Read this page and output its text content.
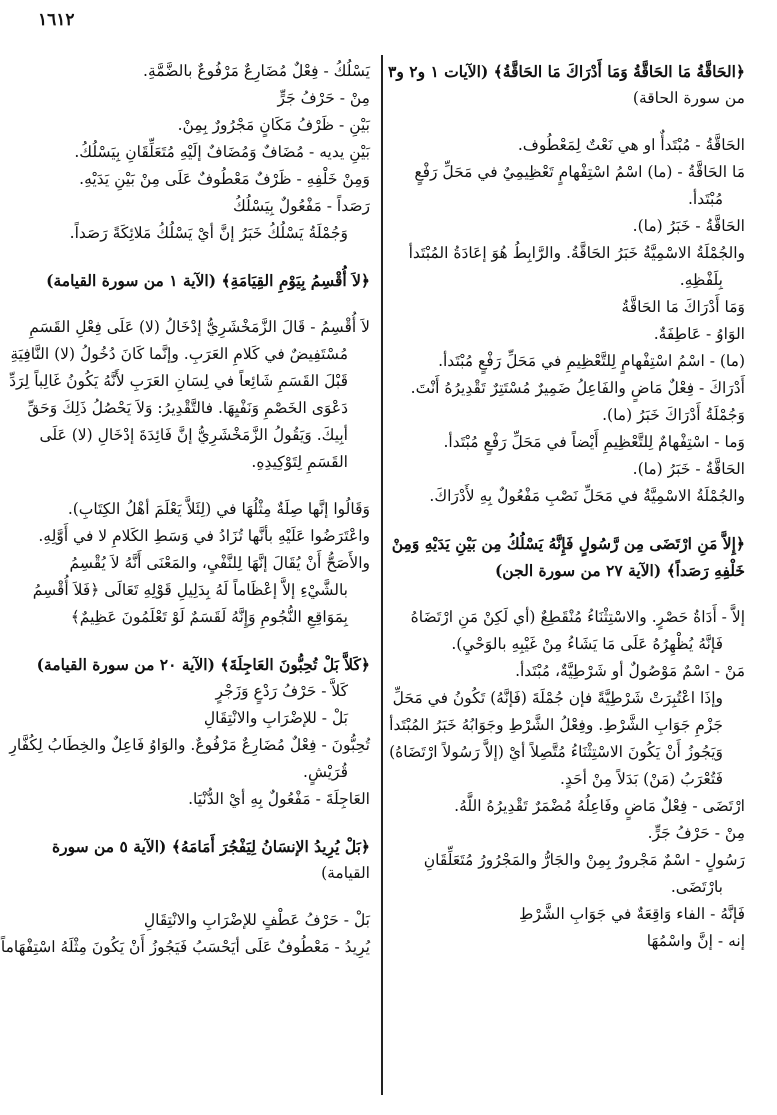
١٦١٢
﴿الحَاقَّةُ مَا الحَاقَّةُ وَمَا أَدْرَاكَ مَا الحَاقَّةُ﴾ (الآيات ١ و٢ و٣
من سورة الحاقة)
الحَاقَّةُ - مُبْتَدأٌ او هي نَعْتٌ لِمَعْطُوف.
مَا الحَاقَّةُ - (ما) اسْمُ اسْتِفْهامٍ تَعْظِيمِيٌ في مَحَلِّ رَفْعٍ
مُبْتَدأ.
الحَاقَّةُ - خَبَرُ (ما).
والجُمْلَةُ الاسْمِيَّةُ خَبَرُ الحَاقَّةُ. والرَّابِطُ هُوَ إعَادَةُ المُبْتَدأ
بِلَفْظِهِ.
وَمَا أَدْرَاكَ مَا الحَاقَّةُ
الوَاوُ - عَاطِفَةٌ.
(ما) - اسْمُ اسْتِفْهامٍ لِلتَّعْظِيمِ في مَحَلِّ رَفْعٍ مُبْتَدأ.
أَدْرَاكَ - فِعْلٌ مَاضٍ والفَاعِلُ ضَمِيرٌ مُسْتَتِرٌ تَقْدِيرُهُ أَنْتَ.
وَجُمْلَةُ أَدْرَاكَ خَبَرُ (ما).
وَما - اسْتِفْهامٌ لِلتَّعْظِيمِ أَيْضاً في مَحَلِّ رَفْعٍ مُبْتَدأ.
الحَاقَّةُ - خَبَرُ (ما).
والجُمْلَةُ الاسْمِيَّةُ في مَحَلِّ نَصْبِ مَفْعُولٌ بِهِ لأَدْرَاكَ.
﴿إِلاَّ مَنِ ارْتَضَى مِن رَّسُولٍ فَإِنَّهُ يَسْلُكُ مِن بَيْنِ يَدَيْهِ وَمِنْ
خَلْفِهِ رَصَداً﴾ (الآية ٢٧ من سورة الجن)
إلاَّ - أَدَاةُ حَصْرٍ. والاسْتِثْنَاءُ مُنْقَطِعٌ (أي لَكِنْ مَنِ ارْتَضَاهُ
فَإنَّهُ يُظْهِرُهُ عَلَى مَا يَشَاءُ مِنْ غَيْبِهِ بالوَحْيِ).
مَنْ - اسْمٌ مَوْصُولٌ أو شَرْطِيَّةٌ، مُبْتَدأ.
وإذَا اعْتُبِرَتْ شَرْطِيَّةً فإن جُمْلَةَ (فَإنَّهُ) تَكُونُ في مَحَلِّ
جَزْمِ جَوَابِ الشَّرْطِ. وفِعْلُ الشَّرْطِ وجَوَابُهُ خَبَرُ المُبْتَدأ
وَيَجُوزُ أَنْ يَكُونَ الاسْتِثْنَاءُ مُتَّصِلاً أيْ (إلاَّ رَسُولاً ارْتَضَاهُ)
فَتُعْرَبُ (مَنْ) بَدَلاً مِنْ أحَدٍ.
ارْتَضَى - فِعْلٌ مَاضٍ وفَاعِلُهُ مُضْمَرٌ تَقْدِيرُهُ اللَّهُ.
مِنْ - حَرْفُ جَرٍّ.
رَسُولٍ - اسْمٌ مَجْرورٌ بِمِنْ والجَارُّ والمَجْرُورُ مُتَعَلِّقَانِ
بارْتَضَى.
فَإنَّهُ - الفاء وَاقِعَةٌ في جَوَابِ الشَّرْطِ
إنه - إنَّ واسْمُهَا
يَسْلُكُ - فِعْلٌ مُضَارِعٌ مَرْفُوعٌ بالضَّمَّةِ.
مِنْ - حَرْفُ جَرٍّ
بَيْنِ - ظَرْفُ مَكَانٍ مَجْرُورٌ بِمِنْ.
بَيْنِ يديه - مُضَافٌ وَمُضَافٌ إلَيْهِ مُتَعَلِّقَانِ بِيَسْلُكُ.
وَمِنْ خَلْفِهِ - ظَرْفٌ مَعْطُوفٌ عَلَى مِنْ بَيْنِ يَدَيْهِ.
رَصَداً - مَفْعُولٌ بِيَسْلُكُ
وَجُمْلَةُ يَسْلُكُ خَبَرُ إنَّ أيْ يَسْلُكُ مَلائِكَةً رَصَداً.
﴿لاَ أُقْسِمُ بِيَوْمِ القِيَامَةِ﴾ (الآية ١ من سورة القيامة)
لاَ أُقْسِمُ - قَالَ الزَّمَخْشَرِيُّ إدْخَالُ (لا) عَلَى فِعْلِ القَسَمِ
مُسْتَفِيضٌ في كَلامِ العَرَبِ. وإنَّما كَانَ دُخُولُ (لا) النَّافِيَةِ
قَبْلَ القَسَمِ شَائِعاً في لِسَانِ العَرَبِ لأَنَّهُ يَكُونُ غَالِباً لِرَدِّ
دَعْوَى الخَصْمِ وَنَفْيِهَا. فالتَّقْدِيرُ: وَلاَ يَحْصُلُ ذَلِكَ وَحَقِّ
أبِيكَ. وَيَقُولُ الزَّمَخْشَرِيُّ إنَّ فَائِدَةَ إدْخَالِ (لا) عَلَى
القَسَمِ لِتَوْكِيدِهِ.
وَقَالُوا إنَّها صِلَةٌ مِثْلُهَا في (لِئَلاَّ يَعْلَمَ أهْلُ الكِتَابِ).
واعْتَرَضُوا عَلَيْهِ بأنَّها تُزَادُ في وَسَطِ الكَلامِ لا في أَوَّلِهِ.
والأَصَحُّ أَنْ يُقَالَ إنَّهَا لِلنَّفْيِ، والمَعْنَى أَنَّهُ لاَ يُقْسِمُ
بالشَّيْءِ إلاَّ إعْظَاماً لَهُ بِدَلِيلِ قَوْلِهِ تَعَالَى ﴿فَلاَ أُقْسِمُ
بِمَوَاقِعِ النُّجُومِ وَإِنَّهُ لَقَسَمٌ لَوْ تَعْلَمُونَ عَظِيمٌ﴾
﴿كَلاَّ بَلْ تُحِبُّونَ العَاجِلَةَ﴾ (الآية ٢٠ من سورة القيامة)
كَلاَّ - حَرْفُ رَدْعٍ وَزَجْرٍ
بَلْ - للإضْرَابِ والانْتِقَالِ
تُحِبُّونَ - فِعْلٌ مُضَارِعٌ مَرْفُوعٌ. والوَاوُ فَاعِلٌ والخِطَابُ لِكُفَّارِ
قُرَيْشٍ.
العَاجِلَةَ - مَفْعُولٌ بِهِ أيْ الدُّنْيَا.
﴿بَلْ يُرِيدُ الإنسَانُ لِيَفْجُرَ أَمَامَهُ﴾ (الآية ٥ من سورة
القيامة)
بَلْ - حَرْفُ عَطْفٍ للإضْرَابِ والانْتِقَالِ
يُرِيدُ - مَعْطُوفٌ عَلَى أيَحْسَبُ فَيَجُوزُ أَنْ يَكُونَ مِثْلَهُ اسْتِفْهَاماً
